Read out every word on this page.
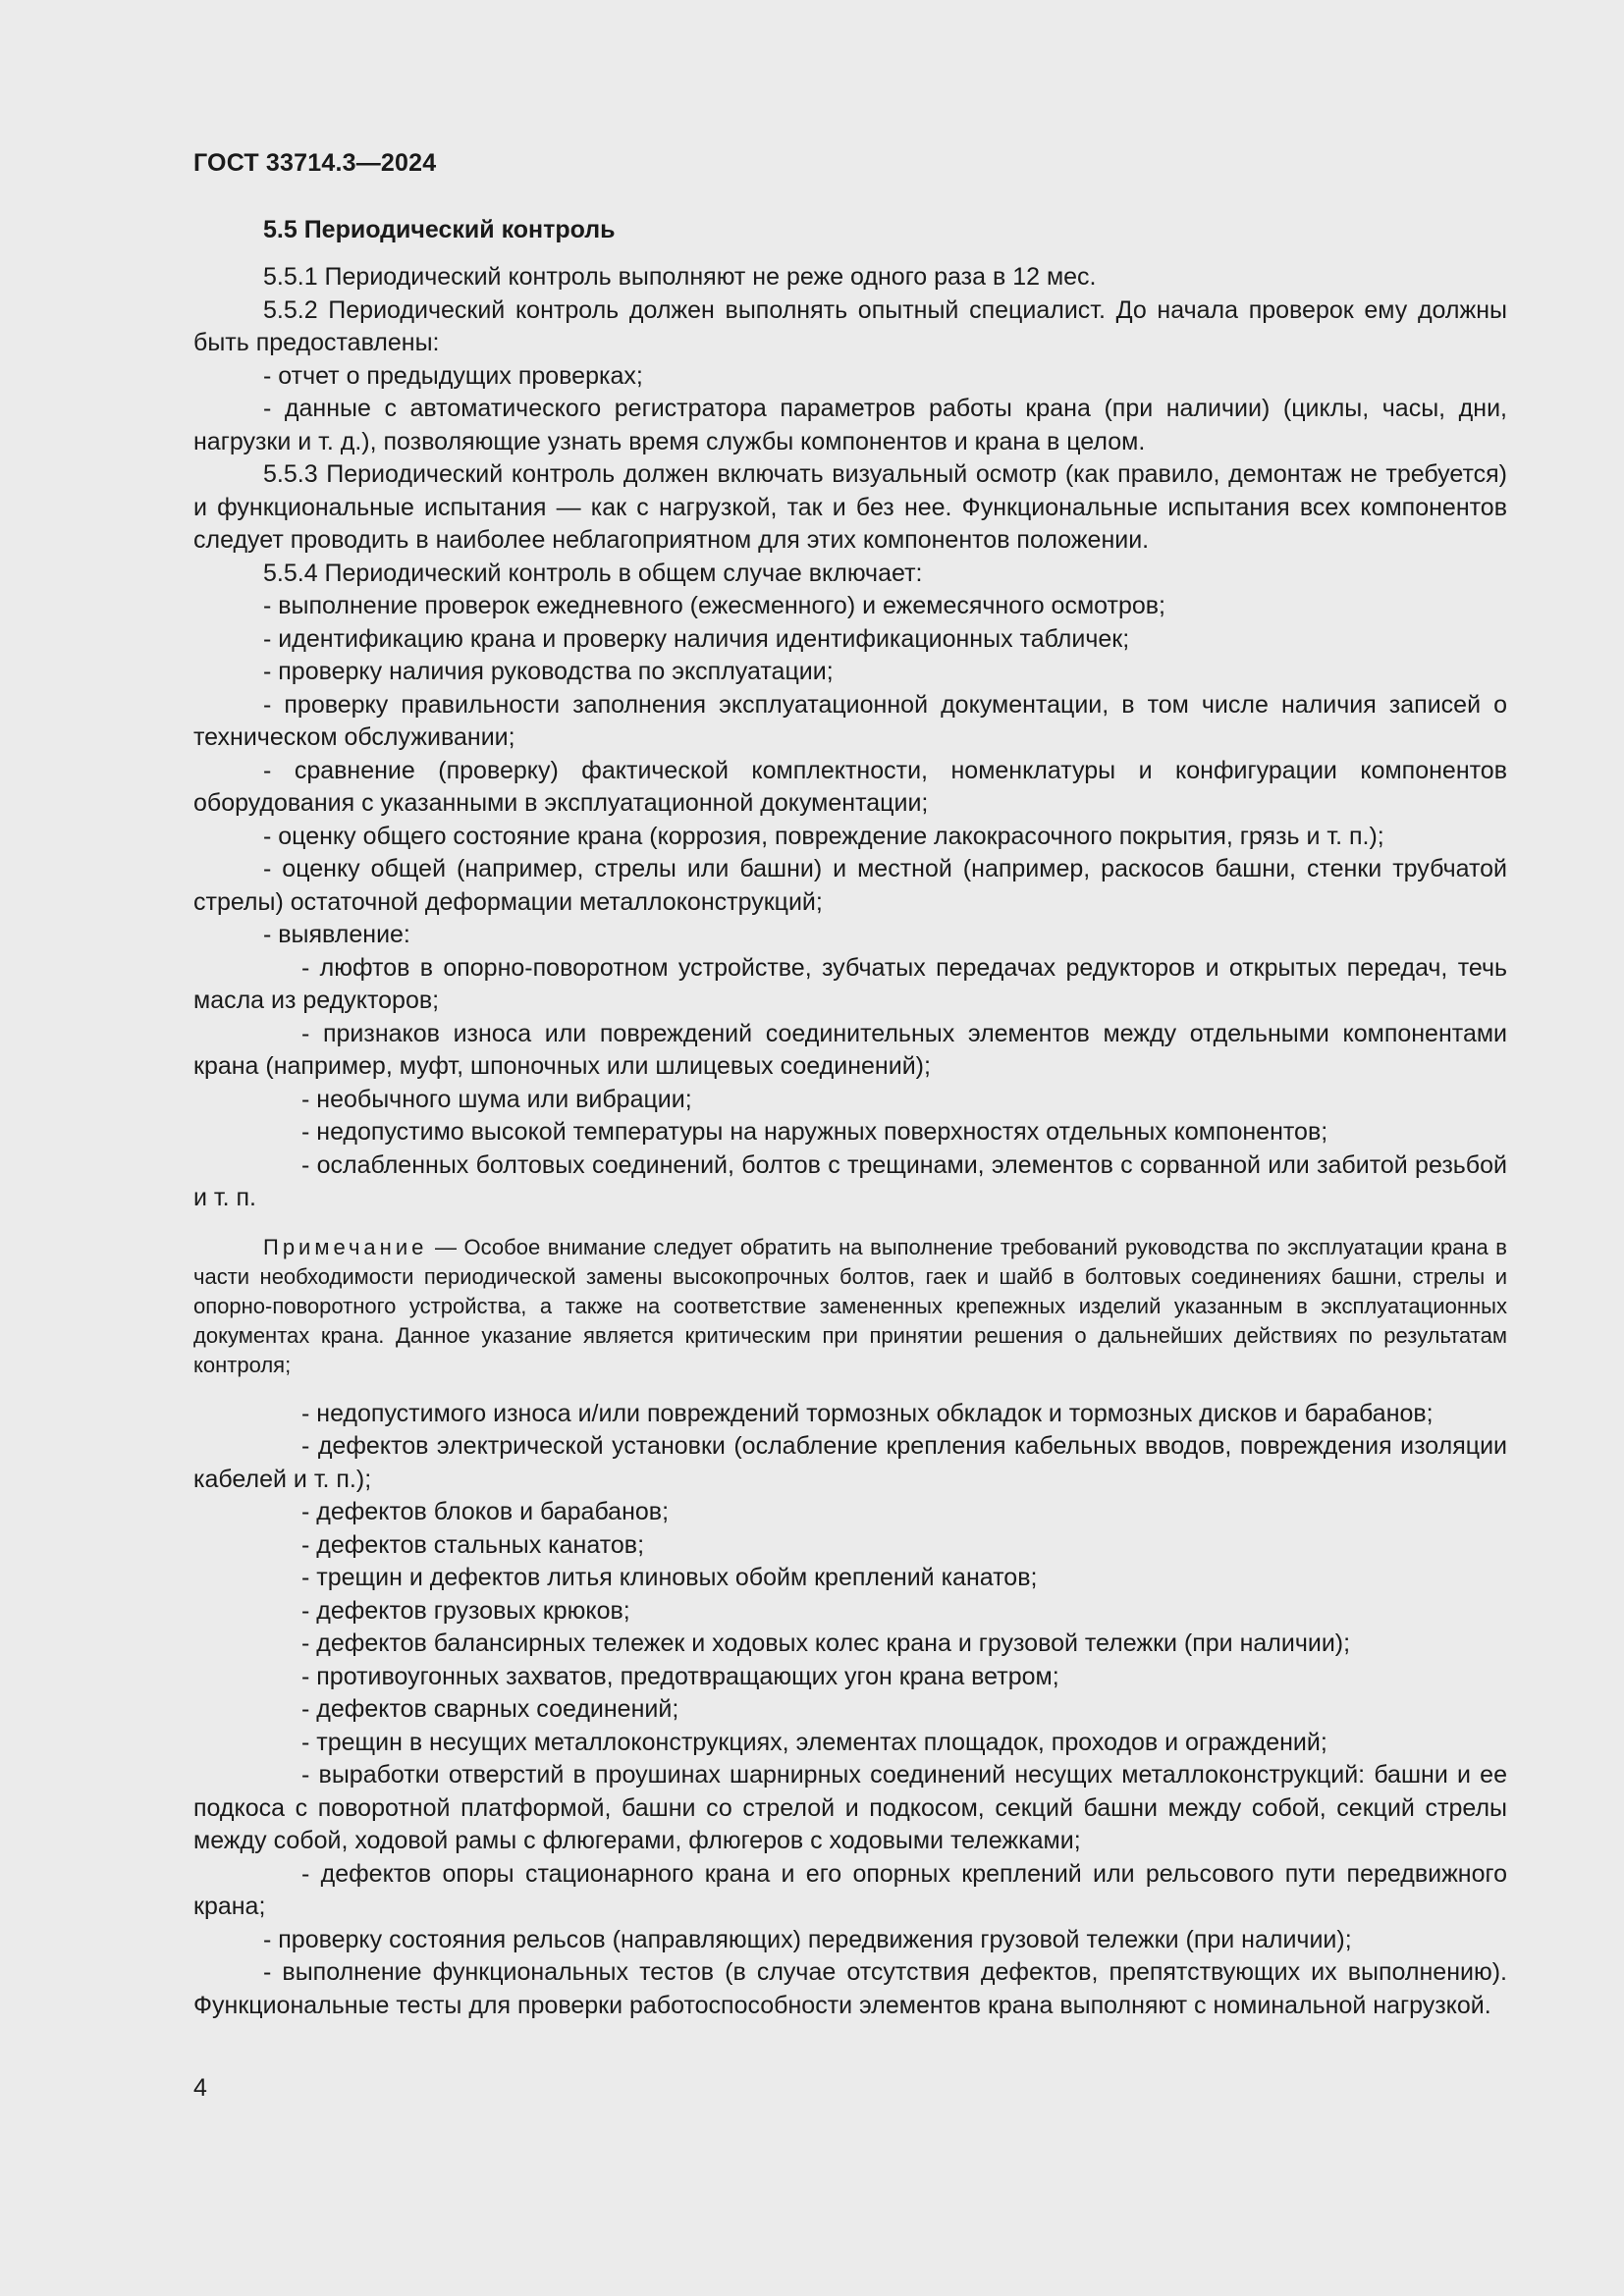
ГОСТ 33714.3—2024
5.5 Периодический контроль

5.5.1 Периодический контроль выполняют не реже одного раза в 12 мес.

5.5.2 Периодический контроль должен выполнять опытный специалист. До начала проверок ему должны быть предоставлены:

- отчет о предыдущих проверках;

- данные с автоматического регистратора параметров работы крана (при наличии) (циклы, часы, дни, нагрузки и т. д.), позволяющие узнать время службы компонентов и крана в целом.

5.5.3 Периодический контроль должен включать визуальный осмотр (как правило, демонтаж не требуется) и функциональные испытания — как с нагрузкой, так и без нее. Функциональные испытания всех компонентов следует проводить в наиболее неблагоприятном для этих компонентов положении.

5.5.4 Периодический контроль в общем случае включает:

- выполнение проверок ежедневного (ежесменного) и ежемесячного осмотров;

- идентификацию крана и проверку наличия идентификационных табличек;

- проверку наличия руководства по эксплуатации;

- проверку правильности заполнения эксплуатационной документации, в том числе наличия записей о техническом обслуживании;

- сравнение (проверку) фактической комплектности, номенклатуры и конфигурации компонентов оборудования с указанными в эксплуатационной документации;

- оценку общего состояние крана (коррозия, повреждение лакокрасочного покрытия, грязь и т. п.);

- оценку общей (например, стрелы или башни) и местной (например, раскосов башни, стенки трубчатой стрелы) остаточной деформации металлоконструкций;

- выявление:

- люфтов в опорно-поворотном устройстве, зубчатых передачах редукторов и открытых передач, течь масла из редукторов;

- признаков износа или повреждений соединительных элементов между отдельными компонентами крана (например, муфт, шпоночных или шлицевых соединений);

- необычного шума или вибрации;

- недопустимо высокой температуры на наружных поверхностях отдельных компонентов;

- ослабленных болтовых соединений, болтов с трещинами, элементов с сорванной или забитой резьбой и т. п.

Примечание — Особое внимание следует обратить на выполнение требований руководства по эксплуатации крана в части необходимости периодической замены высокопрочных болтов, гаек и шайб в болтовых соединениях башни, стрелы и опорно-поворотного устройства, а также на соответствие замененных крепежных изделий указанным в эксплуатационных документах крана. Данное указание является критическим при принятии решения о дальнейших действиях по результатам контроля;

- недопустимого износа и/или повреждений тормозных обкладок и тормозных дисков и барабанов;

- дефектов электрической установки (ослабление крепления кабельных вводов, повреждения изоляции кабелей и т. п.);

- дефектов блоков и барабанов;

- дефектов стальных канатов;

- трещин и дефектов литья клиновых обойм креплений канатов;

- дефектов грузовых крюков;

- дефектов балансирных тележек и ходовых колес крана и грузовой тележки (при наличии);

- противоугонных захватов, предотвращающих угон крана ветром;

- дефектов сварных соединений;

- трещин в несущих металлоконструкциях, элементах площадок, проходов и ограждений;

- выработки отверстий в проушинах шарнирных соединений несущих металлоконструкций: башни и ее подкоса с поворотной платформой, башни со стрелой и подкосом, секций башни между собой, секций стрелы между собой, ходовой рамы с флюгерами, флюгеров с ходовыми тележками;

- дефектов опоры стационарного крана и его опорных креплений или рельсового пути передвижного крана;

- проверку состояния рельсов (направляющих) передвижения грузовой тележки (при наличии);

- выполнение функциональных тестов (в случае отсутствия дефектов, препятствующих их выполнению). Функциональные тесты для проверки работоспособности элементов крана выполняют с номинальной нагрузкой.

4
